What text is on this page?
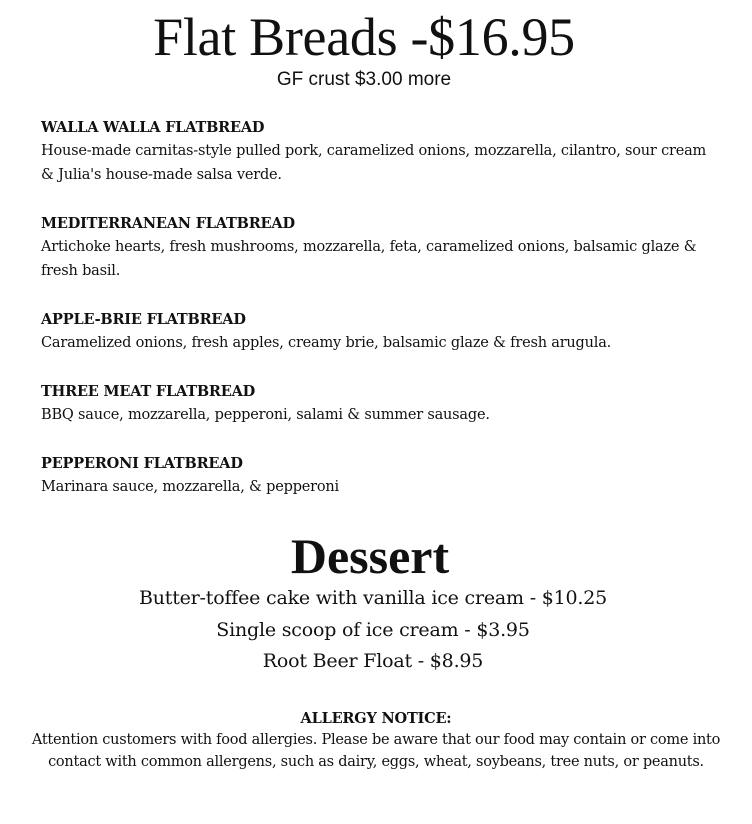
Flat Breads -$16.95

GF crust $3.00 more

WALLA WALLA FLATBREAD

House-made carnitas-style pulled pork, caramelized onions, mozzarella, cilantro, sour cream & Julia's house-made salsa verde.

MEDITERRANEAN FLATBREAD

Artichoke hearts, fresh mushrooms, mozzarella, feta, caramelized onions, balsamic glaze & fresh basil.

APPLE-BRIE FLATBREAD

Caramelized onions, fresh apples, creamy brie, balsamic glaze & fresh arugula.

THREE MEAT FLATBREAD

BBQ sauce, mozzarella, pepperoni, salami & summer sausage.

PEPPERONI FLATBREAD

Marinara sauce, mozzarella, & pepperoni

Dessert
Butter-toffee cake with vanilla ice cream - $10.25
Single scoop of ice cream - $3.95
Root Beer Float - $8.95

ALLERGY NOTICE:

Attention customers with food allergies. Please be aware that our food may contain or come into contact with common allergens, such as dairy, eggs, wheat, soybeans, tree nuts, or peanuts.
